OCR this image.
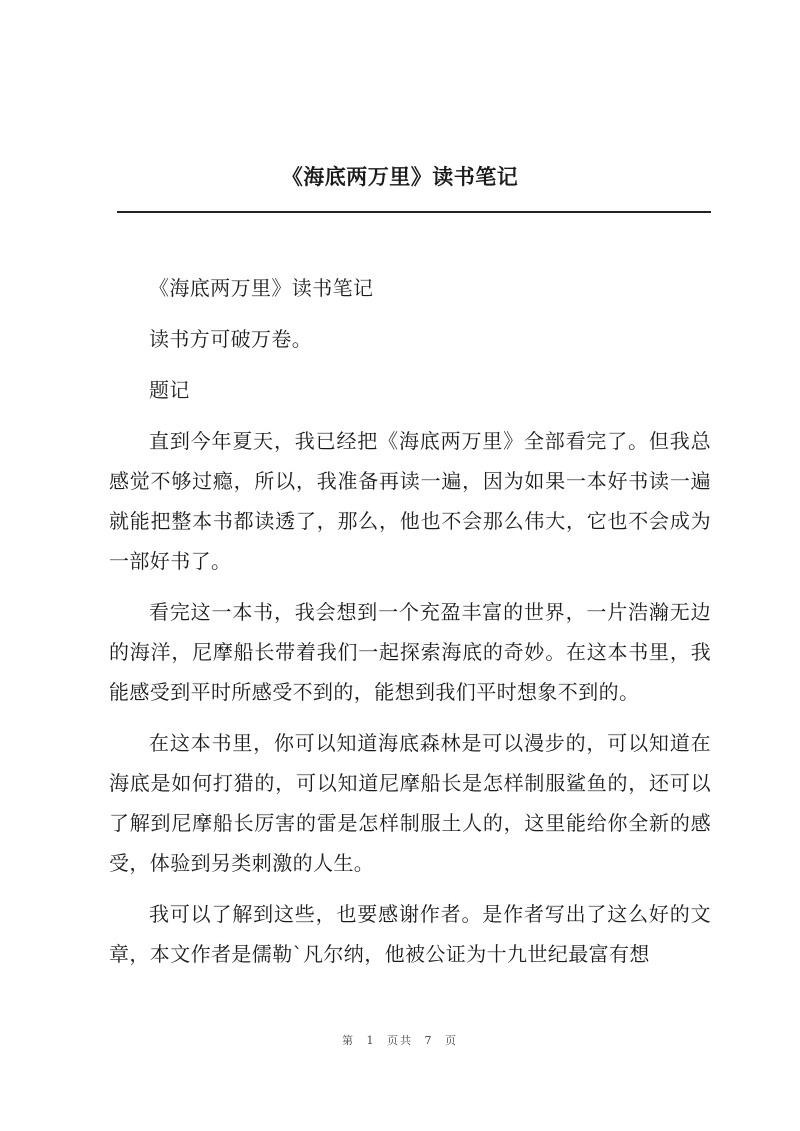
《海底两万里》读书笔记

《海底两万里》读书笔记

读书方可破万卷。

题记

直到今年夏天，我已经把《海底两万里》全部看完了。但我总感觉不够过瘾，所以，我准备再读一遍，因为如果一本好书读一遍就能把整本书都读透了，那么，他也不会那么伟大，它也不会成为一部好书了。

看完这一本书，我会想到一个充盈丰富的世界，一片浩瀚无边的海洋，尼摩船长带着我们一起探索海底的奇妙。在这本书里，我能感受到平时所感受不到的，能想到我们平时想象不到的。

在这本书里，你可以知道海底森林是可以漫步的，可以知道在海底是如何打猎的，可以知道尼摩船长是怎样制服鲨鱼的，还可以了解到尼摩船长厉害的雷是怎样制服土人的，这里能给你全新的感受，体验到另类刺激的人生。

我可以了解到这些，也要感谢作者。是作者写出了这么好的文章，本文作者是儒勒`凡尔纳，他被公证为十九世纪最富有想

第 1 页共 7 页
